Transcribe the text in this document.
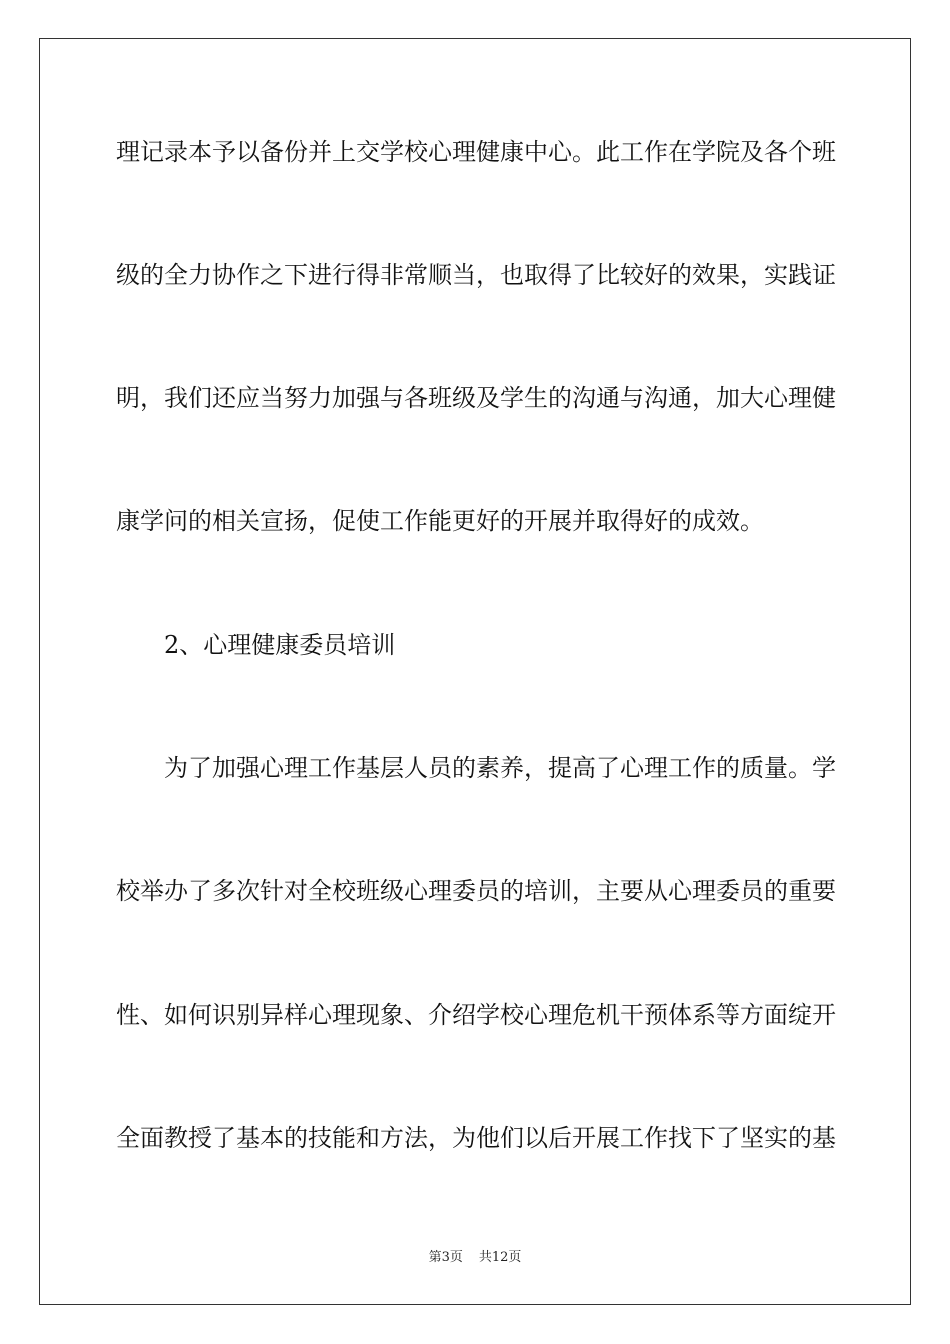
理记录本予以备份并上交学校心理健康中心。此工作在学院及各个班
级的全力协作之下进行得非常顺当，也取得了比较好的效果，实践证
明，我们还应当努力加强与各班级及学生的沟通与沟通，加大心理健
康学问的相关宣扬，促使工作能更好的开展并取得好的成效。
2、心理健康委员培训
为了加强心理工作基层人员的素养，提高了心理工作的质量。学
校举办了多次针对全校班级心理委员的培训，主要从心理委员的重要
性、如何识别异样心理现象、介绍学校心理危机干预体系等方面绽开
全面教授了基本的技能和方法，为他们以后开展工作找下了坚实的基
第3页 共12页
